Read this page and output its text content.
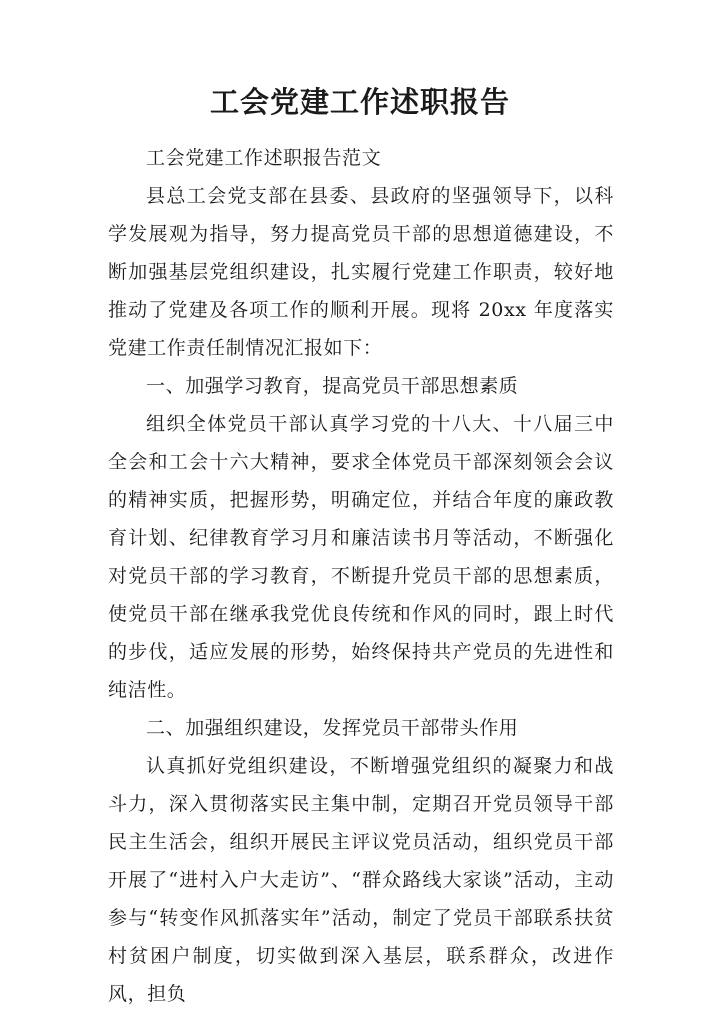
工会党建工作述职报告

工会党建工作述职报告范文

县总工会党支部在县委、县政府的坚强领导下，以科学发展观为指导，努力提高党员干部的思想道德建设，不断加强基层党组织建设，扎实履行党建工作职责，较好地推动了党建及各项工作的顺利开展。现将 20xx 年度落实党建工作责任制情况汇报如下：

一、加强学习教育，提高党员干部思想素质

组织全体党员干部认真学习党的十八大、十八届三中全会和工会十六大精神，要求全体党员干部深刻领会会议的精神实质，把握形势，明确定位，并结合年度的廉政教育计划、纪律教育学习月和廉洁读书月等活动，不断强化对党员干部的学习教育，不断提升党员干部的思想素质，使党员干部在继承我党优良传统和作风的同时，跟上时代的步伐，适应发展的形势，始终保持共产党员的先进性和纯洁性。

二、加强组织建设，发挥党员干部带头作用

认真抓好党组织建设，不断增强党组织的凝聚力和战斗力，深入贯彻落实民主集中制，定期召开党员领导干部民主生活会，组织开展民主评议党员活动，组织党员干部开展了“进村入户大走访”、“群众路线大家谈”活动，主动参与“转变作风抓落实年”活动，制定了党员干部联系扶贫村贫困户制度，切实做到深入基层，联系群众，改进作风，担负
